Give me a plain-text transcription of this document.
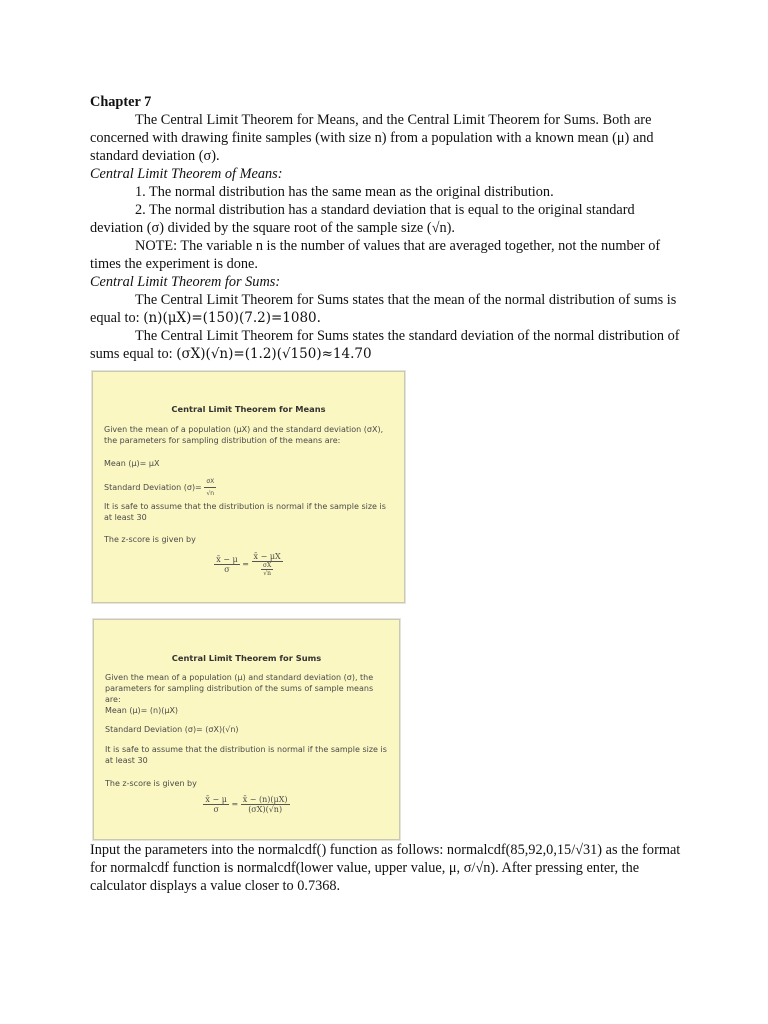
Chapter 7

The Central Limit Theorem for Means, and the Central Limit Theorem for Sums. Both are concerned with drawing finite samples (with size n) from a population with a known mean (μ) and standard deviation (σ).

Central Limit Theorem of Means:

1. The normal distribution has the same mean as the original distribution.

2. The normal distribution has a standard deviation that is equal to the original standard deviation (σ) divided by the square root of the sample size (√n).

NOTE: The variable n is the number of values that are averaged together, not the number of times the experiment is done.

Central Limit Theorem for Sums:

The Central Limit Theorem for Sums states that the mean of the normal distribution of sums is equal to: (n)(μX)=(150)(7.2)=1080.

The Central Limit Theorem for Sums states the standard deviation of the normal distribution of sums equal to: (σX)(√n)=(1.2)(√150)≈14.70

Central Limit Theorem for Means
Given the mean of a population (μX) and the standard deviation (σX), the parameters for sampling distribution of the means are:
Mean (μ)= μX
Standard Deviation $(\sigma)= \frac{\sigma X}{√n}$
It is safe to assume that the distribution is normal if the sample size is at least 30
The z-score is given by
$\frac{x̄ - \mu}{\sigma} = \frac{x̄ - \mu X}{\frac{\sigma X}{√n}}$
Central Limit Theorem for Sums
Given the mean of a population (μ) and standard deviation (σ), the parameters for sampling distribution of the sums of sample means are:
Mean (μ)= (n)(μX)
Standard Deviation (σ)= (σX)(√n)
It is safe to assume that the distribution is normal if the sample size is at least 30
The z-score is given by
$\frac{x̄ - \mu}{\sigma} = \frac{x̄ - (n)(\mu X)}{(\sigma X)(√n)}$

Input the parameters into the normalcdf() function as follows: normalcdf(85,92,0,15/√31) as the format for normalcdf function is normalcdf(lower value, upper value, μ, σ/√n). After pressing enter, the calculator displays a value closer to 0.7368.
